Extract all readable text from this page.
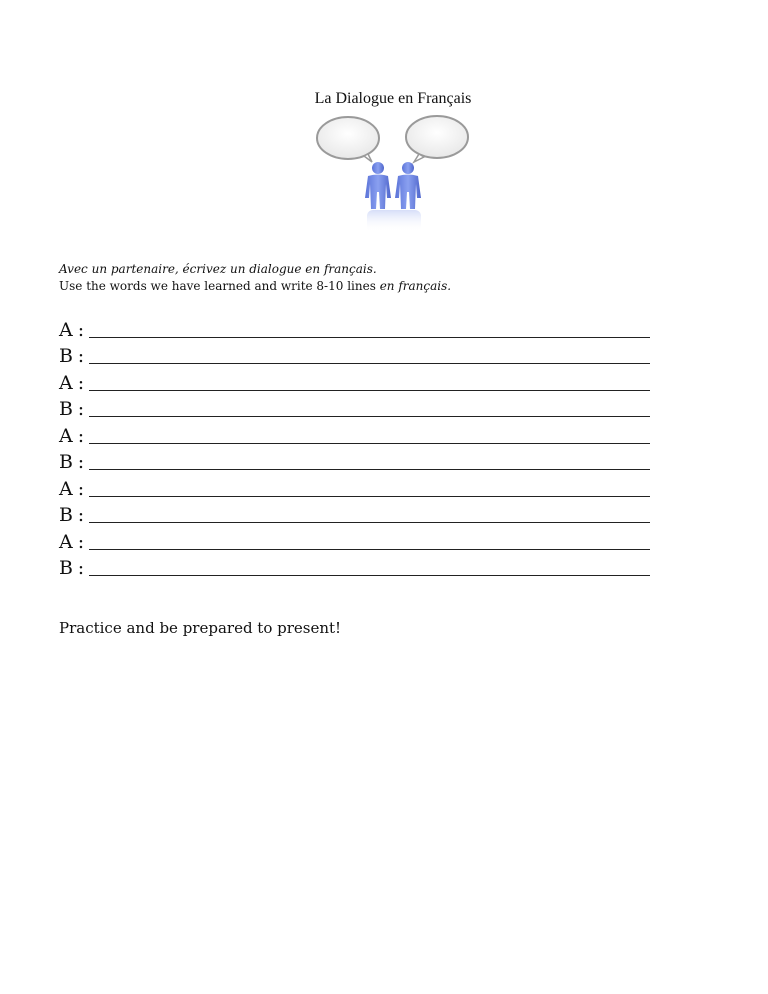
La Dialogue en Français
Avec un partenaire, écrivez un dialogue en français.
Use the words we have learned and write 8-10 lines en français.
A :
B :
A :
B :
A :
B :
A :
B :
A :
B :
Practice and be prepared to present!
